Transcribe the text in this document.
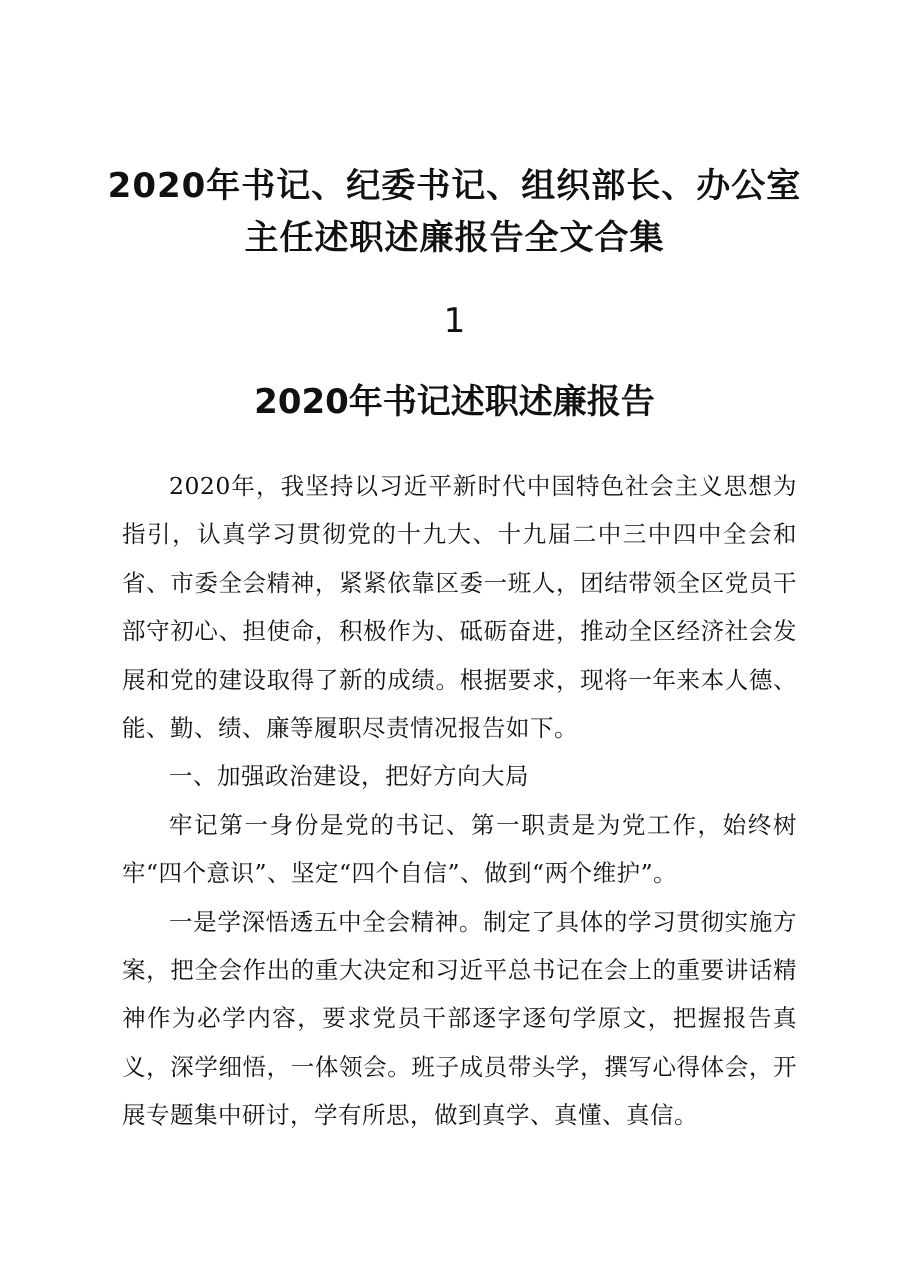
2020年书记、纪委书记、组织部长、办公室
主任述职述廉报告全文合集
1
2020年书记述职述廉报告

2020年，我坚持以习近平新时代中国特色社会主义思想为指引，认真学习贯彻党的十九大、十九届二中三中四中全会和省、市委全会精神，紧紧依靠区委一班人，团结带领全区党员干部守初心、担使命，积极作为、砥砺奋进，推动全区经济社会发展和党的建设取得了新的成绩。根据要求，现将一年来本人德、能、勤、绩、廉等履职尽责情况报告如下。

一、加强政治建设，把好方向大局

牢记第一身份是党的书记、第一职责是为党工作，始终树牢“四个意识”、坚定“四个自信”、做到“两个维护”。

一是学深悟透五中全会精神。制定了具体的学习贯彻实施方案，把全会作出的重大决定和习近平总书记在会上的重要讲话精神作为必学内容，要求党员干部逐字逐句学原文，把握报告真义，深学细悟，一体领会。班子成员带头学，撰写心得体会，开展专题集中研讨，学有所思，做到真学、真懂、真信。
